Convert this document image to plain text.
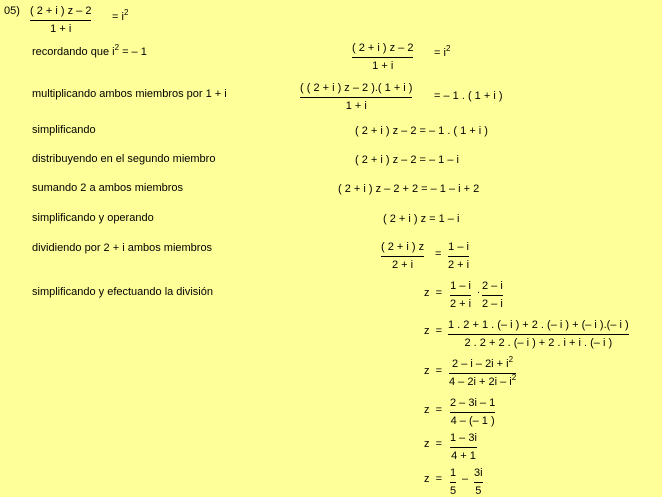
05) ( 2 + i ) z – 2
1 + i
= $i^2$
recordando que $i^2$ = – 1	( 2 + i ) z – 2
1 + i
= $i^2$
multiplicando ambos miembros por 1 + i	( ( 2 + i ) z – 2 ).( 1 + i )
1 + i
= – 1 . ( 1 + i )
simplificando	( 2 + i ) z – 2 = – 1 . ( 1 + i )
distribuyendo en el segundo miembro	( 2 + i ) z – 2 = – 1 – i
sumando 2 a ambos miembros	( 2 + i ) z – 2 + 2 = – 1 – i + 2
simplificando y operando	( 2 + i ) z = 1 – i
dividiendo por 2 + i ambos miembros	( 2 + i ) z
2 + i
=
1 – i
2 + i
simplificando y efectuando la división	z =
1 – i
2 + i
. 2 – i
2 – i
z = 1 . 2 + 1 . (– i ) + 2 . (– i ) + (– i ).(– i )
2 . 2 + 2 . (– i ) + 2 . i + i . (– i )
z =
$2 - i - 2i + i^2$
$4 - 2i + 2i - i^2$
z =
2 – 3i – 1
4 – (– 1 )
z = 1 – 3i
4 + 1
z = 1
5
– 3i
5
